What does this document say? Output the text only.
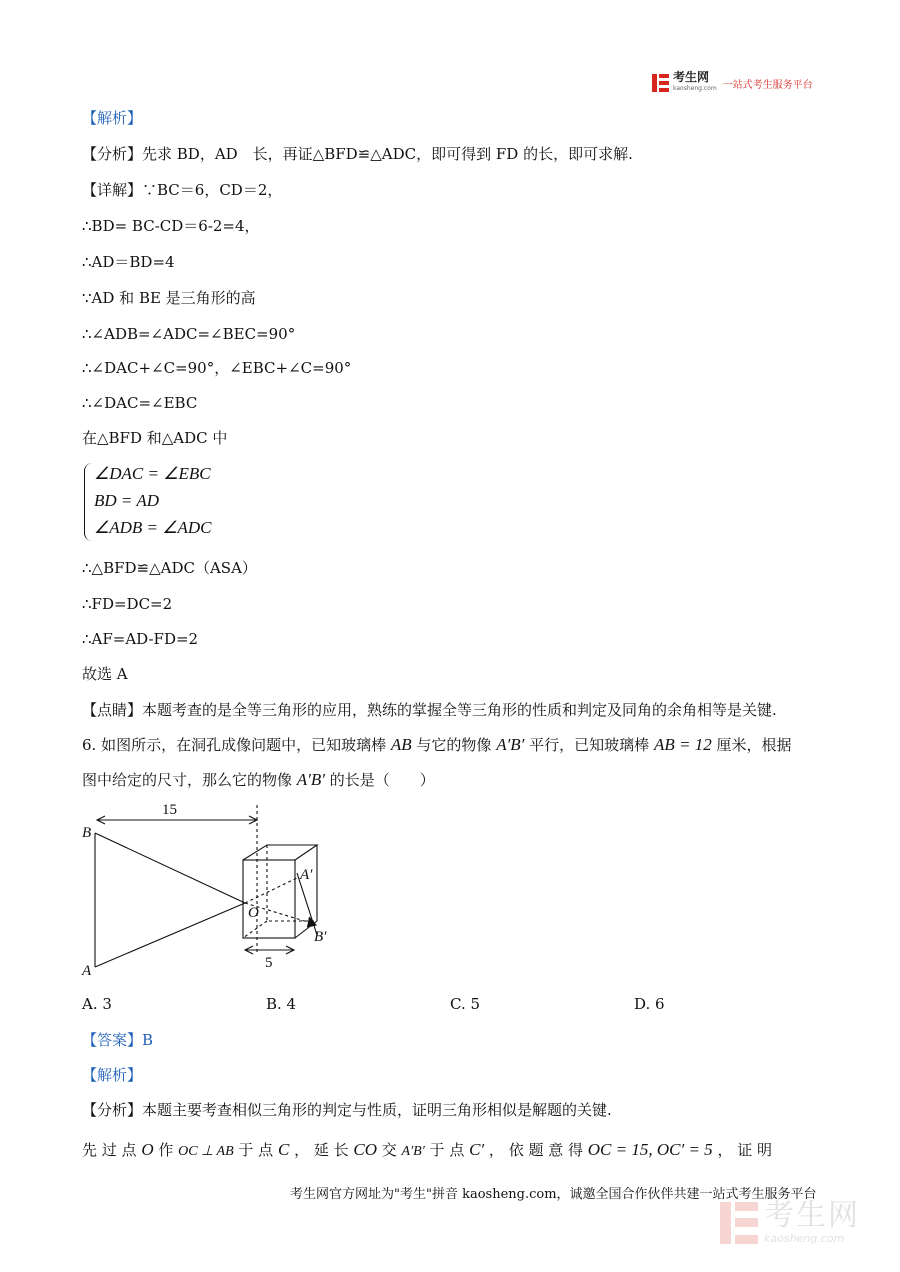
考生网
kaosheng.com 一站式考生服务平台
【解析】
【分析】先求 BD，AD　长，再证△BFD≌△ADC，即可得到 FD 的长，即可求解.
【详解】∵BC＝6，CD＝2，
∴BD= BC-CD＝6-2=4，
∴AD＝BD=4
∵AD 和 BE 是三角形的高
∴∠ADB=∠ADC=∠BEC=90°
∴∠DAC+∠C=90°，∠EBC+∠C=90°
∴∠DAC=∠EBC
在△BFD 和△ADC 中
∠DAC = ∠EBC
BD = AD
∠ADB = ∠ADC
∴△BFD≌△ADC（ASA）
∴FD=DC=2
∴AF=AD-FD=2
故选 A
【点睛】本题考查的是全等三角形的应用，熟练的掌握全等三角形的性质和判定及同角的余角相等是关键.
6. 如图所示，在洞孔成像问题中，已知玻璃棒 AB 与它的物像 A′B′ 平行，已知玻璃棒 AB = 12 厘米，根据
图中给定的尺寸，那么它的物像 A′B′ 的长是（　　）
15
B
A
O
A′
B′
5
A. 3	B. 4	C. 5	D. 6
【答案】B
【解析】
【分析】本题主要考查相似三角形的判定与性质，证明三角形相似是解题的关键.
先 过 点 O 作 OC ⊥ AB 于 点 C ， 延 长 CO 交 A′B′ 于 点 C′ ， 依 题 意 得 OC = 15, OC′ = 5 ， 证 明
考生网官方网址为"考生"拼音 kaosheng.com，诚邀全国合作伙伴共建一站式考生服务平台
考生网
kaosheng.com
